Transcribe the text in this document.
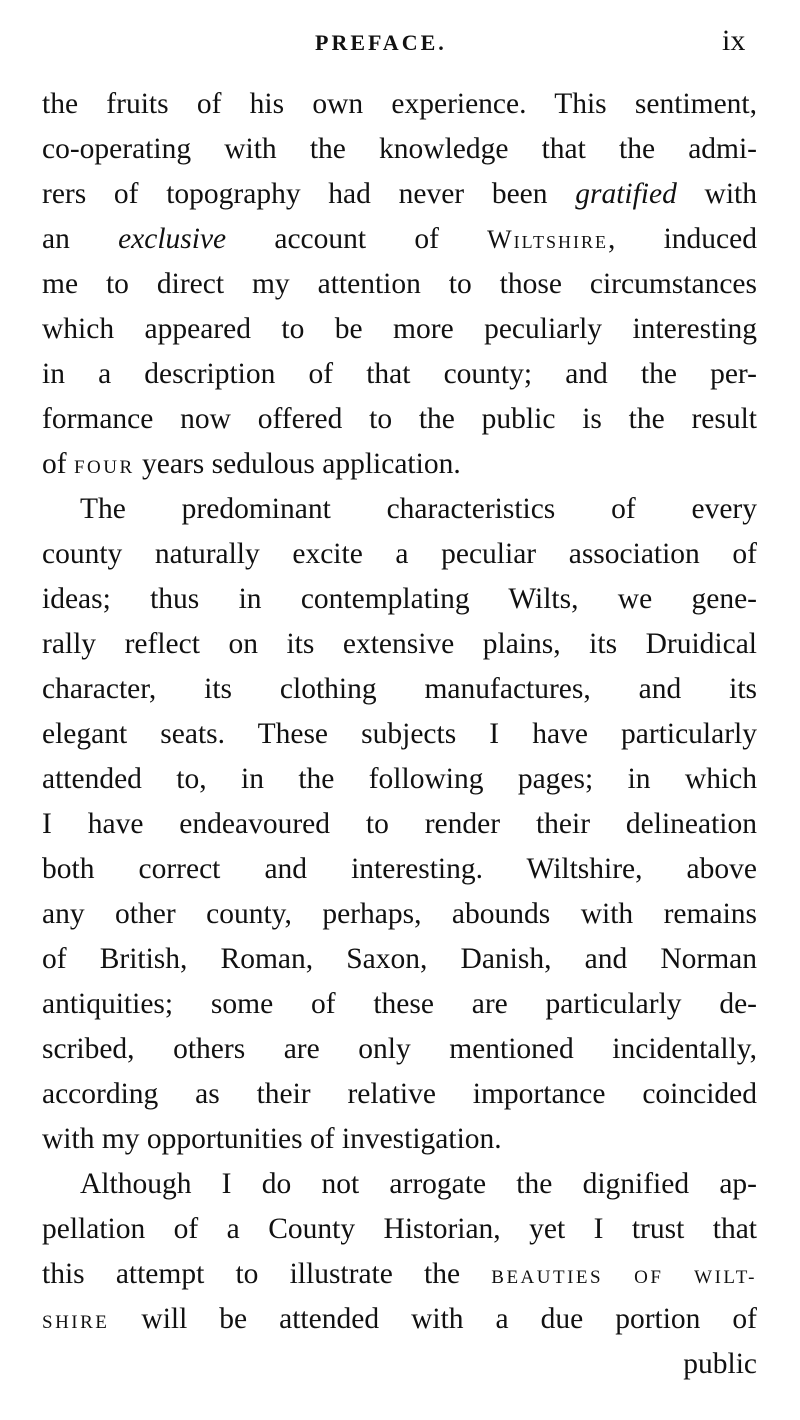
PREFACE.	ix
the fruits of his own experience. This sentiment,
co-operating with the knowledge that the admi-
rers of topography had never been gratified with
an exclusive account of Wiltshire, induced
me to direct my attention to those circumstances
which appeared to be more peculiarly interesting
in a description of that county; and the per-
formance now offered to the public is the result
of FOUR years sedulous application.
The predominant characteristics of every
county naturally excite a peculiar association of
ideas; thus in contemplating Wilts, we gene-
rally reflect on its extensive plains, its Druidical
character, its clothing manufactures, and its
elegant seats. These subjects I have particularly
attended to, in the following pages; in which
I have endeavoured to render their delineation
both correct and interesting. Wiltshire, above
any other county, perhaps, abounds with remains
of British, Roman, Saxon, Danish, and Norman
antiquities; some of these are particularly de-
scribed, others are only mentioned incidentally,
according as their relative importance coincided
with my opportunities of investigation.
Although I do not arrogate the dignified ap-
pellation of a County Historian, yet I trust that
this attempt to illustrate the BEAUTIES OF WILT-
SHIRE will be attended with a due portion of
public
